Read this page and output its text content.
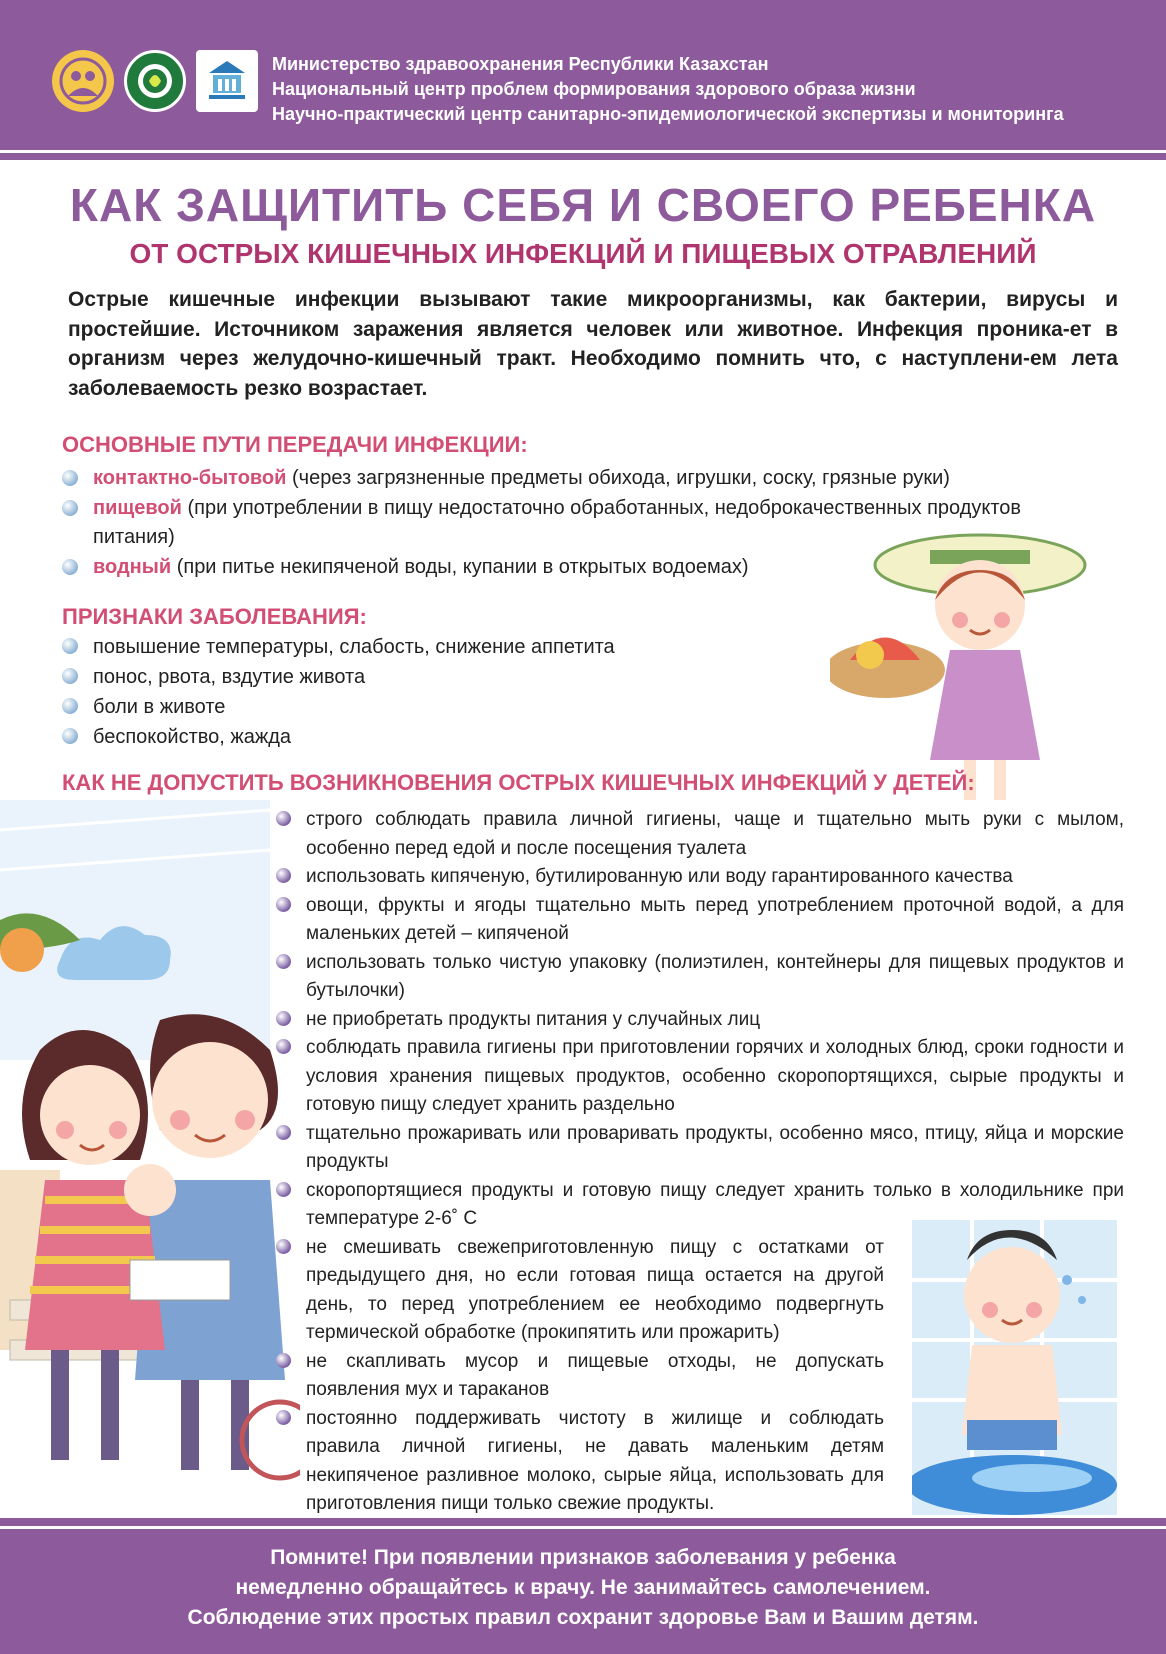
Министерство здравоохранения Республики Казахстан
Национальный центр проблем формирования здорового образа жизни
Научно-практический центр санитарно-эпидемиологической экспертизы и мониторинга
КАК ЗАЩИТИТЬ СЕБЯ И СВОЕГО РЕБЕНКА
ОТ ОСТРЫХ КИШЕЧНЫХ ИНФЕКЦИЙ И ПИЩЕВЫХ ОТРАВЛЕНИЙ
Острые кишечные инфекции вызывают такие микроорганизмы, как бактерии, вирусы и простейшие. Источником заражения является человек или животное. Инфекция проника-ет в организм через желудочно-кишечный тракт. Необходимо помнить что, с наступлени-ем лета заболеваемость резко возрастает.
ОСНОВНЫЕ ПУТИ ПЕРЕДАЧИ ИНФЕКЦИИ:
контактно-бытовой (через загрязненные предметы обихода, игрушки, соску, грязные руки)
пищевой (при употреблении в пищу недостаточно обработанных, недоброкачественных продуктов питания)
водный (при питье некипяченой воды, купании в открытых водоемах)
ПРИЗНАКИ ЗАБОЛЕВАНИЯ:
повышение температуры, слабость, снижение аппетита
понос, рвота, вздутие живота
боли в животе
беспокойство, жажда
КАК НЕ ДОПУСТИТЬ ВОЗНИКНОВЕНИЯ ОСТРЫХ КИШЕЧНЫХ ИНФЕКЦИЙ У ДЕТЕЙ:
строго соблюдать правила личной гигиены, чаще и тщательно мыть руки с мылом, особенно перед едой и после посещения туалета
использовать кипяченую, бутилированную или воду гарантированного качества
овощи, фрукты и ягоды тщательно мыть перед употреблением проточной водой, а для маленьких детей – кипяченой
использовать только чистую упаковку (полиэтилен, контейнеры для пищевых продуктов и бутылочки)
не приобретать продукты питания у случайных лиц
соблюдать правила гигиены при приготовлении горячих и холодных блюд, сроки годности и условия хранения пищевых продуктов, особенно скоропортящихся, сырые продукты и готовую пищу следует хранить раздельно
тщательно прожаривать или проваривать продукты, особенно мясо, птицу, яйца и морские продукты
скоропортящиеся продукты и готовую пищу следует хранить только в холодильнике при температуре 2-6˚ С
не смешивать свежеприготовленную пищу с остатками от предыдущего дня, но если готовая пища остается на другой день, то перед употреблением ее необходимо подвергнуть термической обработке (прокипятить или прожарить)
не скапливать мусор и пищевые отходы, не допускать появления мух и тараканов
постоянно поддерживать чистоту в жилище и соблюдать правила личной гигиены, не давать маленьким детям некипяченое разливное молоко, сырые яйца, использовать для приготовления пищи только свежие продукты.

Помните! При появлении признаков заболевания у ребенка

немедленно обращайтесь к врачу. Не занимайтесь самолечением.

Соблюдение этих простых правил сохранит здоровье Вам и Вашим детям.
